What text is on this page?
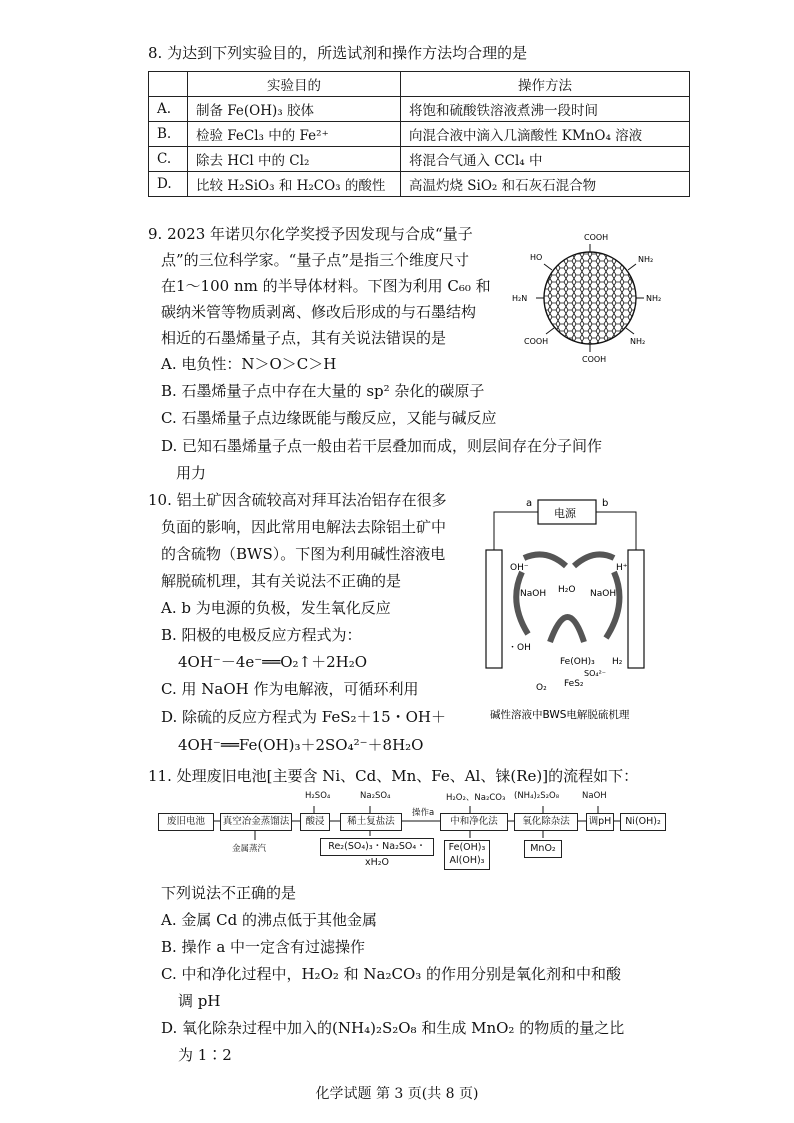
8. 为达到下列实验目的，所选试剂和操作方法均合理的是
	实验目的	操作方法
A.	制备 Fe(OH)₃ 胶体	将饱和硫酸铁溶液煮沸一段时间
B.	检验 FeCl₃ 中的 Fe²⁺	向混合液中滴入几滴酸性 KMnO₄ 溶液
C.	除去 HCl 中的 Cl₂	将混合气通入 CCl₄ 中
D.	比较 H₂SiO₃ 和 H₂CO₃ 的酸性	高温灼烧 SiO₂ 和石灰石混合物
9. 2023 年诺贝尔化学奖授予因发现与合成“量子
点”的三位科学家。“量子点”是指三个维度尺寸
在1～100 nm 的半导体材料。下图为利用 C₆₀ 和
碳纳米管等物质剥离、修改后形成的与石墨结构
相近的石墨烯量子点，其有关说法错误的是
A. 电负性：N＞O＞C＞H
B. 石墨烯量子点中存在大量的 sp² 杂化的碳原子
C. 石墨烯量子点边缘既能与酸反应，又能与碱反应
D. 已知石墨烯量子点一般由若干层叠加而成，则层间存在分子间作
用力
COOH
NH₂
NH₂
NH₂
COOH
COOH
H₂N
HO
10. 铝土矿因含硫较高对拜耳法冶铝存在很多
负面的影响，因此常用电解法去除铝土矿中
的含硫物（BWS）。下图为利用碱性溶液电
解脱硫机理，其有关说法不正确的是
A. b 为电源的负极，发生氧化反应
B. 阳极的电极反应方程式为：
4OH⁻－4e⁻══O₂↑＋2H₂O
C. 用 NaOH 作为电解液，可循环利用
D. 除硫的反应方程式为 FeS₂＋15・OH＋
4OH⁻══Fe(OH)₃＋2SO₄²⁻＋8H₂O
电源
a	b
OH⁻	H⁺
NaOH H₂O NaOH
・OH
Fe(OH)₃
SO₄²⁻
H₂
O₂ FeS₂
碱性溶液中BWS电解脱硫机理
11. 处理废旧电池[主要含 Ni、Cd、Mn、Fe、Al、铼(Re)]的流程如下：
H₂SO₄	Na₂SO₄	H₂O₂、Na₂CO₃ (NH₄)₂S₂O₈	NaOH
操作a
废旧电池	真空冶金蒸馏法	酸浸	稀土复盐法	中和净化法	氧化除杂法	调pH	Ni(OH)₂
金属蒸汽	Re₂(SO₄)₃・Na₂SO₄・xH₂O
Fe(OH)₃
Al(OH)₃
MnO₂
下列说法不正确的是
A. 金属 Cd 的沸点低于其他金属
B. 操作 a 中一定含有过滤操作
C. 中和净化过程中，H₂O₂ 和 Na₂CO₃ 的作用分别是氧化剂和中和酸
调 pH
D. 氧化除杂过程中加入的(NH₄)₂S₂O₈ 和生成 MnO₂ 的物质的量之比
为 1∶2
化学试题 第 3 页(共 8 页)
